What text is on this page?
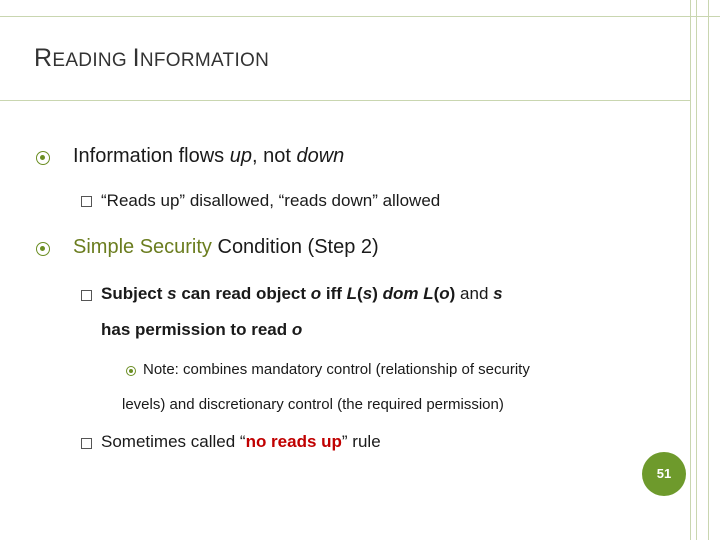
READING INFORMATION
Information flows up, not down
“Reads up” disallowed, “reads down” allowed
Simple Security Condition (Step 2)
Subject s can read object o iff L(s) dom L(o) and s
has permission to read o
Note: combines mandatory control (relationship of security
levels) and discretionary control (the required permission)
Sometimes called “no reads up” rule
51
